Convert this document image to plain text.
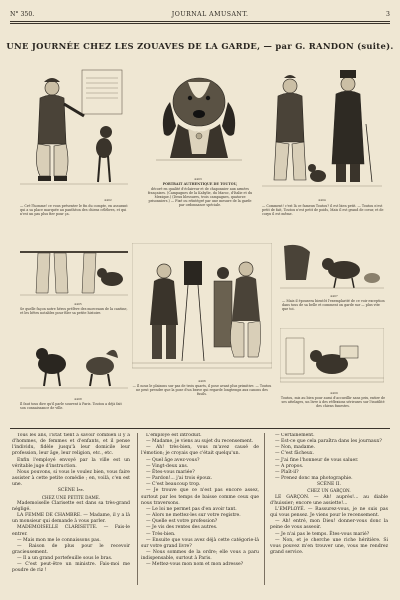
N° 350.	JOURNAL AMUSANT.	3
UNE JOURNÉE CHEZ LES ZOUAVES DE LA GARDE, — par G. RANDON (suite).
4402
— Cré l'homme! ce vous présenter le fin du compte, en assurant qui a sa place marquée au panthéon des chiens célèbres, et qui n'est un pas plus fier pour ça.
4403
PORTRAIT AUTHENTIQUE DE TOUTOU,
décoré en qualité d'éclaireur et de chaponnier aux armées françaises. (Campagnes de la Kabylie, du Maroc, d'Italie et du Mexique.) (Deux blessures, trois campagnes, quatorze prisonniers.) — Fixé ou réintégré par une mesure de la garde par ordonnance spéciale.
4404
— Comment! c'est là ce fameux Toutou? il est bien petit. — Toutou n'est petit de fait, Toutou n'est petit de poids, Mais il est grand de cœur, et de corps il est même.
4405
Se quelle façon notre héros prélève des morceaux de la cantine, et les bêtes notables pour filer sa petite histoire.
4406
— Il nous le plaisons sur pas de trois quarts, il pose avant plus primitive. — Toutou ne peut prendre que la pose d'un brave qui regarde longtemps aux canons des fusils.
4407
— Mais il épousera bientôt l'exemplarité de ce voir exception dans tous de sa belle et comment on garde sur — plus vite que toi.
4408
Il faut tous dire qu'il parle souvent à Paris. Toutou a déjà fait son connaissance de ville.
4409
Toutou, mis au bien pour aussi d'accueillir sans prix, entier de ses attelages, un livre à des réflexions sérieuses sur l'inutilité des chiens funestes.

Tous les ans, l'État tient à savoir combien il y a d'hommes, de femmes et d'enfants, et il pense l'individu, fidèle jusqu'à leur domicile leur profession, leur âge, leur religion, etc., etc.

Enfin l'employé envoyé par la ville est un véritable juge d'instruction.

Nous pouvons, si vous le voulez bien, vous faire assister à cette petite comédie ; en, voilà, c'en est une.

SCÈNE Ire.

CHEZ UNE PETITE DAME.

Mademoiselle Clarisette est dans sa très-grand négligé.

LA FEMME DE CHAMBRE. — Madame, il y a là un monsieur qui demande à vous parler.

MADEMOISELLE CLARISETTE. — Fais-le entrer.

— Mais mon me le connaissons pas.

— Raison de plus pour le recevoir gracieusement.

— Il a un grand portefeuille sous le bras.

— C'est peut-être un ministre. Fais-moi me poudre de riz !

L'employé est introduit.

— Madame, je viens au sujet du recensement.

— Ah! très-bien, vous m'avez causé de l'émotion; je croyais que c'était quelqu'un.

— Quel âge avez-vous?

— Vingt-deux ans.

— Êtes-vous mariée?

— Pardon!... j'ai trois époux.

— C'est beaucoup trop.

— Je trouve que ce n'est pas encore assez, surtout par les temps de baisse comme ceux que nous traversons.

— Le loi ne permet pas d'en avoir tant.

— Alors ne mettez-les sur votre registre.

— Quelle est votre profession?

— Je vis des rentes des autres.

— Très-bien.

— Ensuite que vous avez déjà cette catégorie-là sur votre grand livre?

— Nous sommes de la ordre; elle vous a paru indispensable, surtout à Paris.

— Mettez-vous mon nom et mon adresse?

— Certainement.

— Est-ce que cela paraîtra dans les journaux?

— Non, madame.

— C'est fâcheux.

— J'ai fine l'honneur de vous saluer.

— A propos.

— Plaît-il?

— Prenez donc ma photographie.

SCÈNE II.

CHEZ UN GARÇON.

LE GARÇON. — Ah! auprès!... au diable d'huissier; encore une assiette!...

L'EMPLOYÉ. — Rassurez-vous, je ne suis pas qui vous pensez. Je viens pour le recensement.

— Ah! entré, mon Dieu! donner-vous donc la peine de vous asseoir.

— Je n'ai pas le temps. Êtes-vous marié?

— Non, et je cherche une riche héritière. Si vous pouvez m'en trouver une, vous me rendrez grand service.
